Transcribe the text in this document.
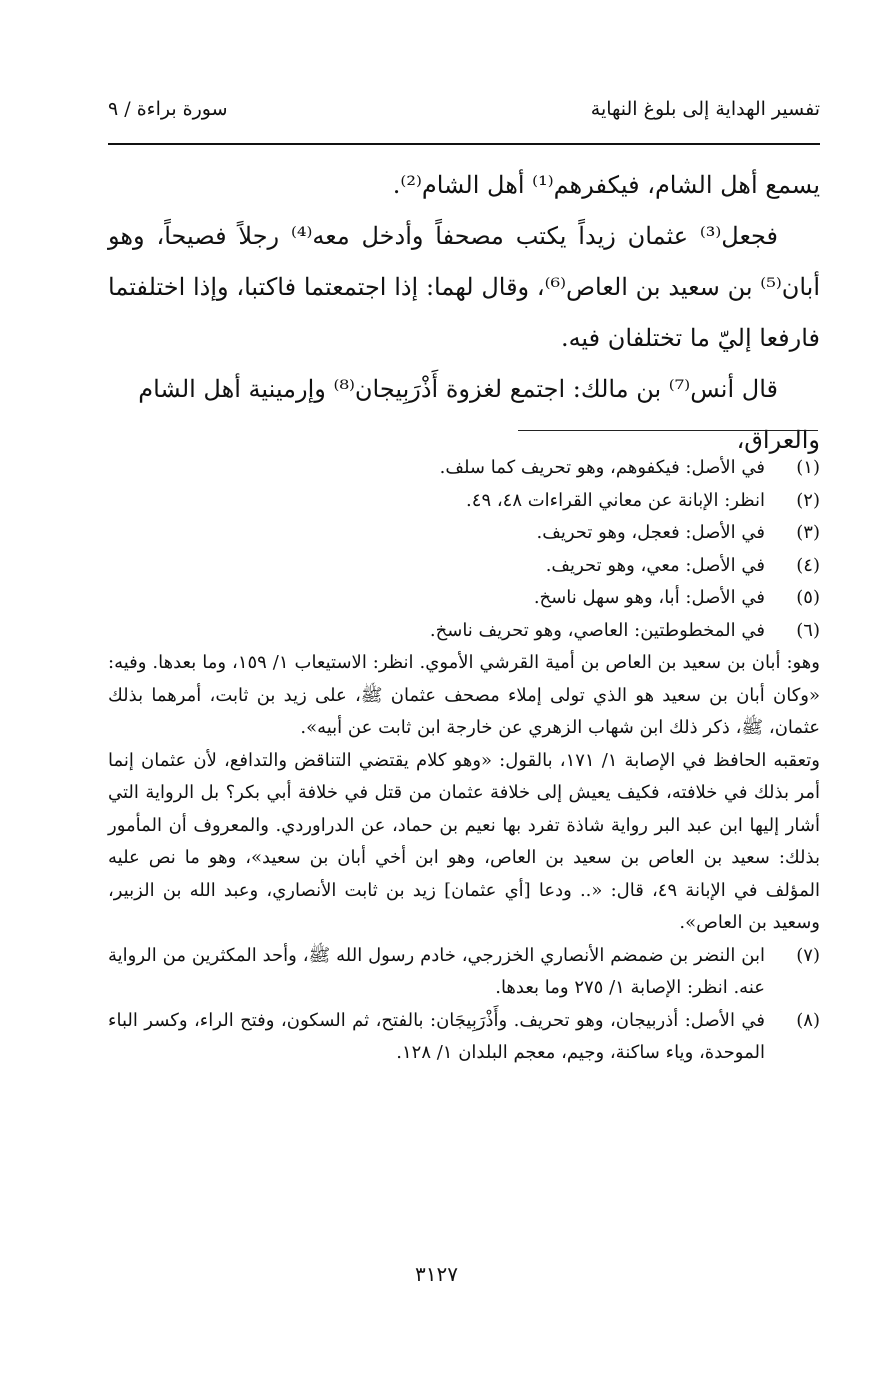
تفسير الهداية إلى بلوغ النهاية
سورة براءة / ٩

يسمع أهل الشام، فيكفرهم⁽¹⁾ أهل الشام⁽²⁾.

فجعل⁽³⁾ عثمان زيداً يكتب مصحفاً وأدخل معه⁽⁴⁾ رجلاً فصيحاً، وهو أبان⁽⁵⁾ بن سعيد بن العاص⁽⁶⁾، وقال لهما: إذا اجتمعتما فاكتبا، وإذا اختلفتما فارفعا إليّ ما تختلفان فيه.

قال أنس⁽⁷⁾ بن مالك: اجتمع لغزوة أَذْرَبِيجان⁽⁸⁾ وإرمينية أهل الشام والعراق،

(١)
في الأصل: فيكفوهم، وهو تحريف كما سلف.
(٢)
انظر: الإبانة عن معاني القراءات ٤٨، ٤٩.
(٣)
في الأصل: فعجل، وهو تحريف.
(٤)
في الأصل: معي، وهو تحريف.
(٥)
في الأصل: أبا، وهو سهل ناسخ.
(٦)
في المخطوطتين: العاصي، وهو تحريف ناسخ.

وهو: أبان بن سعيد بن العاص بن أمية القرشي الأموي. انظر: الاستيعاب ١/ ١٥٩، وما بعدها. وفيه: «وكان أبان بن سعيد هو الذي تولى إملاء مصحف عثمان ﷺ، على زيد بن ثابت، أمرهما بذلك عثمان، ﷺ، ذكر ذلك ابن شهاب الزهري عن خارجة ابن ثابت عن أبيه».

وتعقبه الحافظ في الإصابة ١/ ١٧١، بالقول: «وهو كلام يقتضي التناقض والتدافع، لأن عثمان إنما أمر بذلك في خلافته، فكيف يعيش إلى خلافة عثمان من قتل في خلافة أبي بكر؟ بل الرواية التي أشار إليها ابن عبد البر رواية شاذة تفرد بها نعيم بن حماد، عن الدراوردي. والمعروف أن المأمور بذلك: سعيد بن العاص بن سعيد بن العاص، وهو ابن أخي أبان بن سعيد»، وهو ما نص عليه المؤلف في الإبانة ٤٩، قال: «.. ودعا [أي عثمان] زيد بن ثابت الأنصاري، وعبد الله بن الزبير، وسعيد بن العاص».

(٧)
ابن النضر بن ضمضم الأنصاري الخزرجي، خادم رسول الله ﷺ، وأحد المكثرين من الرواية عنه. انظر: الإصابة ١/ ٢٧٥ وما بعدها.
(٨)
في الأصل: أذربيجان، وهو تحريف. وأَذْرَبِيجَان: بالفتح، ثم السكون، وفتح الراء، وكسر الباء الموحدة، وياء ساكنة، وجيم، معجم البلدان ١/ ١٢٨.
٣١٢٧
